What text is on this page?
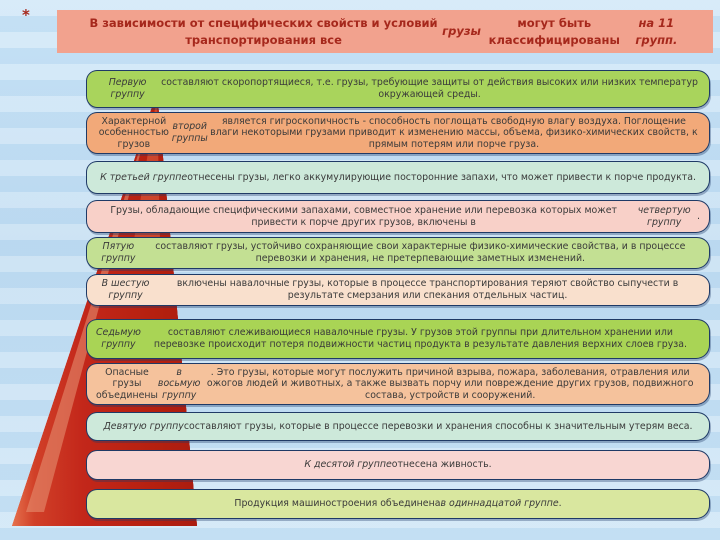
*	В зависимости от специфических свойств и условий транспортирования все
грузы
могут быть классифицированы
на 11 групп.
Первую группу
составляют скоропортящиеся, т.е. грузы, требующие защиты от действия высоких или низких температур окружающей среды.
Характерной особенностью грузов
второй группы
является гигроскопичность - способность поглощать свободную влагу воздуха. Поглощение влаги некоторыми грузами приводит к изменению массы, объема, физико-химических свойств, к прямым потерям или порче груза.
К третьей группе отнесены грузы, легко аккумулирующие посторонние запахи, что может привести к порче продукта.
Грузы, обладающие специфическими запахами, совместное хранение или перевозка которых может привести к порче других грузов, включены в
четвертую группу
.
Пятую группу
составляют грузы, устойчиво сохраняющие свои характерные физико-химические свойства, и в процессе перевозки и хранения, не претерпевающие заметных изменений.
В шестую группу
включены навалочные грузы, которые в процессе транспортирования теряют свойство сыпучести в результате смерзания или спекания отдельных частиц.
Седьмую группу
составляют слеживающиеся навалочные грузы. У грузов этой группы при длительном хранении или перевозке происходит потеря подвижности частиц продукта в результате давления верхних слоев груза.
Опасные грузы объединены
в восьмую группу
. Это грузы, которые могут послужить причиной взрыва, пожара, заболевания, отравления или ожогов людей и животных, а также вызвать порчу или повреждение других грузов, подвижного состава, устройств и сооружений.
Девятую группу составляют грузы, которые в процессе перевозки и хранения способны к значительным утерям веса.
К десятой группе отнесена живность.
Продукция машиностроения объединена в одиннадцатой группе .
